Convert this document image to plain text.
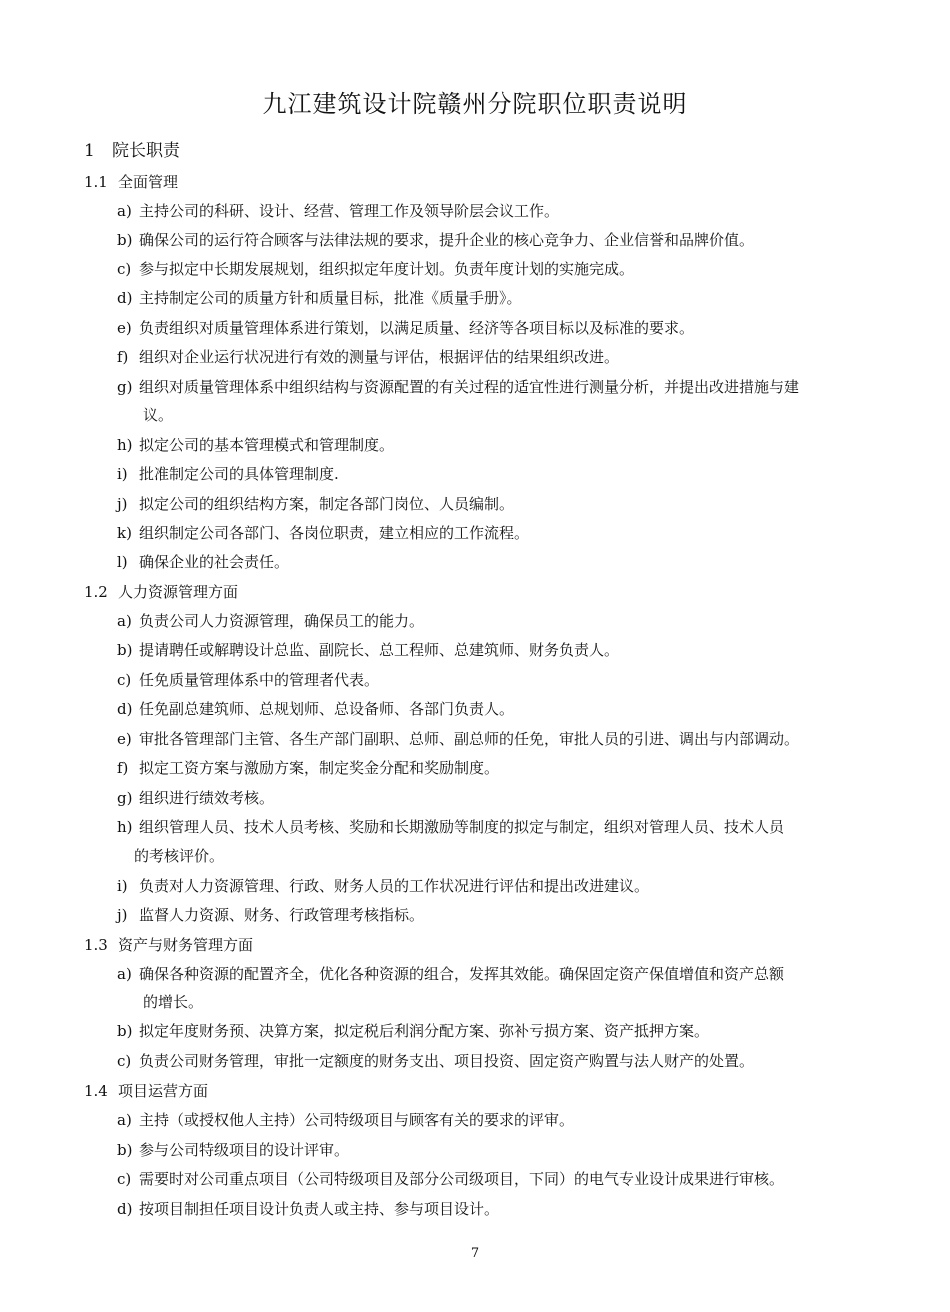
九江建筑设计院赣州分院职位职责说明
1 院长职责
1.1 全面管理
a) 主持公司的科研、设计、经营、管理工作及领导阶层会议工作。
b) 确保公司的运行符合顾客与法律法规的要求，提升企业的核心竞争力、企业信誉和品牌价值。
c) 参与拟定中长期发展规划，组织拟定年度计划。负责年度计划的实施完成。
d) 主持制定公司的质量方针和质量目标，批准《质量手册》。
e) 负责组织对质量管理体系进行策划，以满足质量、经济等各项目标以及标准的要求。
f) 组织对企业运行状况进行有效的测量与评估，根据评估的结果组织改进。
g) 组织对质量管理体系中组织结构与资源配置的有关过程的适宜性进行测量分析，并提出改进措施与建
议。
h) 拟定公司的基本管理模式和管理制度。
i) 批准制定公司的具体管理制度.
j) 拟定公司的组织结构方案，制定各部门岗位、人员编制。
k) 组织制定公司各部门、各岗位职责，建立相应的工作流程。
l) 确保企业的社会责任。
1.2 人力资源管理方面
a) 负责公司人力资源管理，确保员工的能力。
b) 提请聘任或解聘设计总监、副院长、总工程师、总建筑师、财务负责人。
c) 任免质量管理体系中的管理者代表。
d) 任免副总建筑师、总规划师、总设备师、各部门负责人。
e) 审批各管理部门主管、各生产部门副职、总师、副总师的任免，审批人员的引进、调出与内部调动。
f) 拟定工资方案与激励方案，制定奖金分配和奖励制度。
g) 组织进行绩效考核。
h) 组织管理人员、技术人员考核、奖励和长期激励等制度的拟定与制定，组织对管理人员、技术人员
的考核评价。
i) 负责对人力资源管理、行政、财务人员的工作状况进行评估和提出改进建议。
j) 监督人力资源、财务、行政管理考核指标。
1.3 资产与财务管理方面
a) 确保各种资源的配置齐全，优化各种资源的组合，发挥其效能。确保固定资产保值增值和资产总额
的增长。
b) 拟定年度财务预、决算方案，拟定税后利润分配方案、弥补亏损方案、资产抵押方案。
c) 负责公司财务管理，审批一定额度的财务支出、项目投资、固定资产购置与法人财产的处置。
1.4 项目运营方面
a) 主持（或授权他人主持）公司特级项目与顾客有关的要求的评审。
b) 参与公司特级项目的设计评审。
c) 需要时对公司重点项目（公司特级项目及部分公司级项目，下同）的电气专业设计成果进行审核。
d) 按项目制担任项目设计负责人或主持、参与项目设计。
7
